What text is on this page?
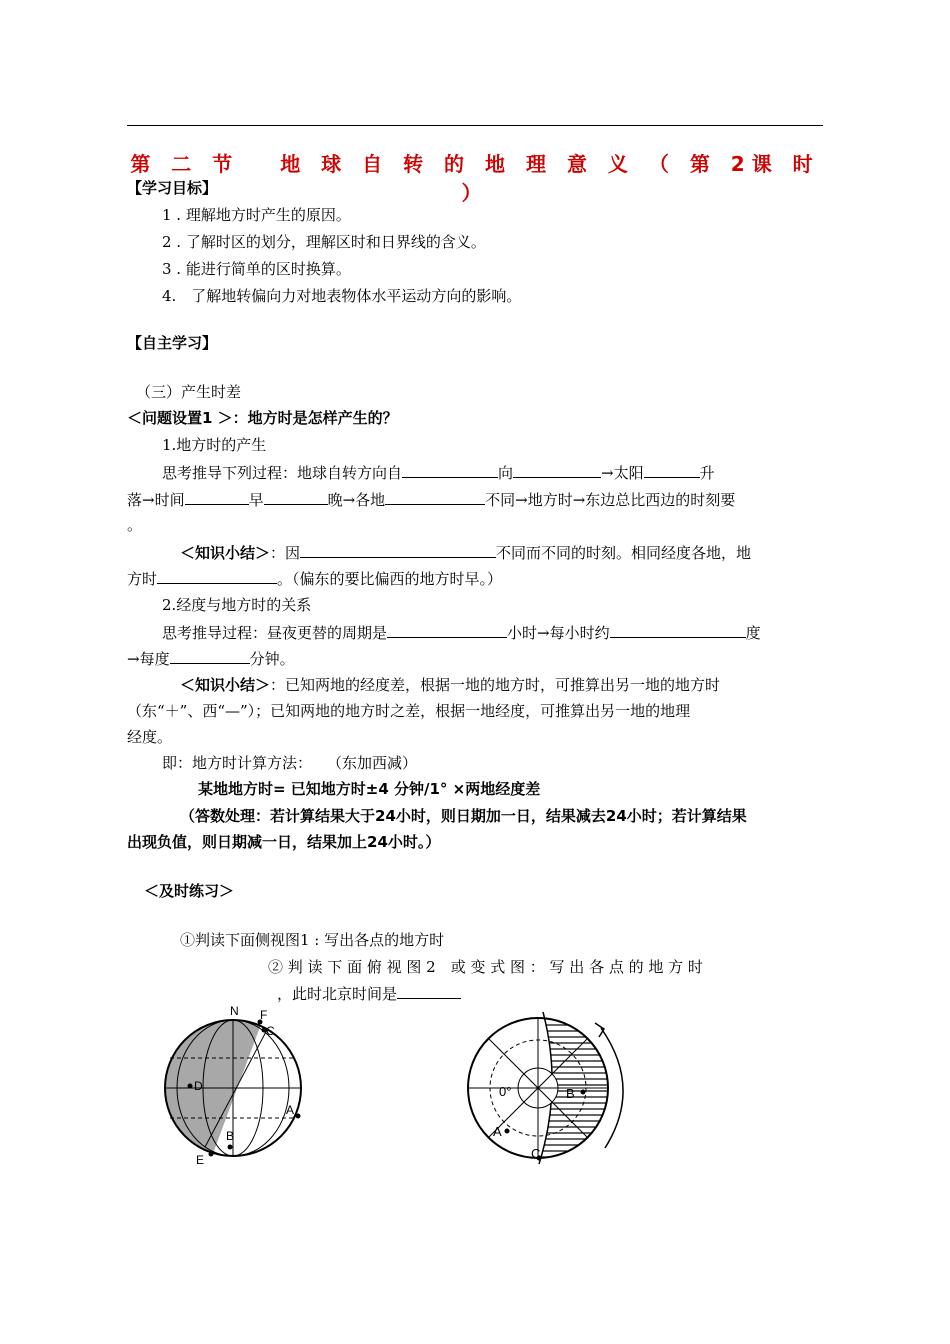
第 二 节　 地 球 自 转 的 地 理 意 义 （ 第 2课 时 ）
【学习目标】
1 . 理解地方时产生的原因。
2 . 了解时区的划分，理解区时和日界线的含义。
3 . 能进行简单的区时换算。
4.　了解地转偏向力对地表物体水平运动方向的影响。
【自主学习】
（三）产生时差
＜问题设置1 ＞：地方时是怎样产生的？
1.地方时的产生
思考推导下列过程：地球自转方向自	向	→太阳	升
落→时间	早	晚→各地	不同→地方时→东边总比西边的时刻要
。
＜知识小结＞：因	不同而不同的时刻。相同经度各地，地
方时	。（偏东的要比偏西的地方时早。）
2.经度与地方时的关系
思考推导过程：昼夜更替的周期是	小时→每小时约	度
→每度	分钟。
＜知识小结＞：已知两地的经度差，根据一地的地方时，可推算出另一地的地方时
（东“＋”、西“—”）；已知两地的地方时之差，根据一地经度，可推算出另一地的地理
经度。
即：地方时计算方法：　　（东加西减）
某地地方时= 已知地方时±4 分钟/1° ×两地经度差
（答数处理：若计算结果大于24小时，则日期加一日，结果减去24小时；若计算结果
出现负值，则日期减一日，结果加上24小时。）
＜及时练习＞
①判读下面侧视图1 : 写出各点的地方时
② 判 读 下 面 俯 视 图 2　或 变 式 图 ： 写 出 各 点 的 地 方 时
，此时北京时间是
N F
C
D
A
B
E
0°	B
A
C
